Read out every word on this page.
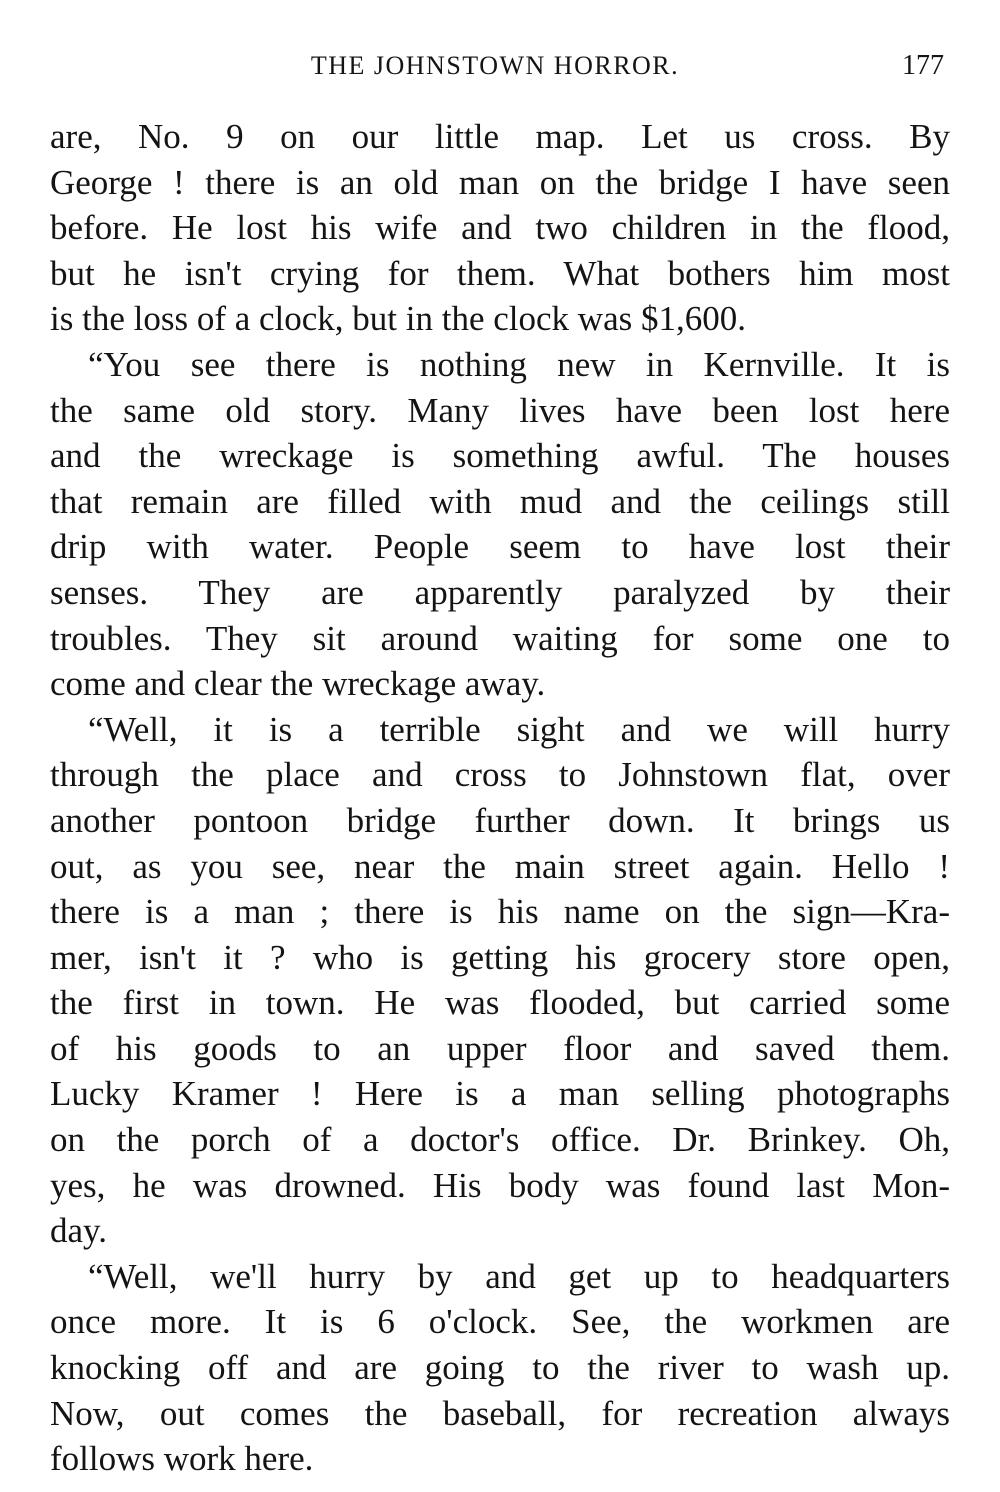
THE JOHNSTOWN HORROR.	177

are, No. 9 on our little map. Let us cross. By

George ! there is an old man on the bridge I have seen

before. He lost his wife and two children in the flood,

but he isn't crying for them. What bothers him most

is the loss of a clock, but in the clock was $1,600.

“You see there is nothing new in Kernville. It is

the same old story. Many lives have been lost here

and the wreckage is something awful. The houses

that remain are filled with mud and the ceilings still

drip with water. People seem to have lost their

senses. They are apparently paralyzed by their

troubles. They sit around waiting for some one to

come and clear the wreckage away.

“Well, it is a terrible sight and we will hurry

through the place and cross to Johnstown flat, over

another pontoon bridge further down. It brings us

out, as you see, near the main street again. Hello !

there is a man ; there is his name on the sign—Kra-

mer, isn't it ? who is getting his grocery store open,

the first in town. He was flooded, but carried some

of his goods to an upper floor and saved them.

Lucky Kramer ! Here is a man selling photographs

on the porch of a doctor's office. Dr. Brinkey. Oh,

yes, he was drowned. His body was found last Mon-

day.

“Well, we'll hurry by and get up to headquarters

once more. It is 6 o'clock. See, the workmen are

knocking off and are going to the river to wash up.

Now, out comes the baseball, for recreation always

follows work here.
